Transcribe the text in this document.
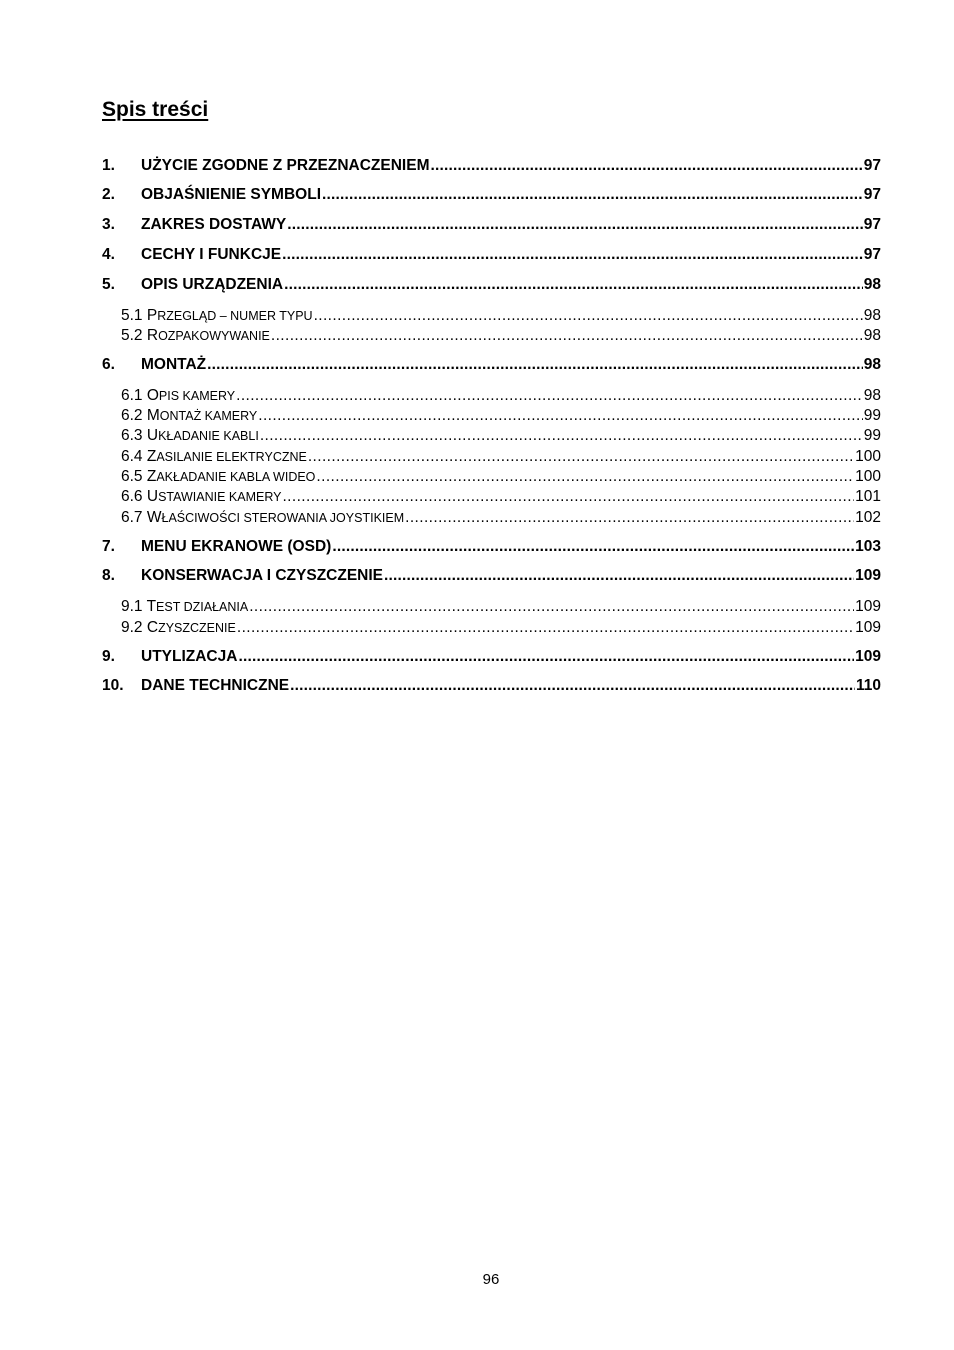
Spis treści
1.	UŻYCIE ZGODNE Z PRZEZNACZENIEM .....	97
2.	OBJAŚNIENIE SYMBOLI .....	97
3.	ZAKRES DOSTAWY .....	97
4.	CECHY I FUNKCJE .....	97
5.	OPIS URZĄDZENIA .....	98
5.1 PRZEGLĄD – NUMER TYPU .....	98
5.2 ROZPAKOWYWANIE .....	98
6.	MONTAŻ .....	98
6.1 OPIS KAMERY .....	98
6.2 MONTAŻ KAMERY .....	99
6.3 UKŁADANIE KABLI .....	99
6.4 ZASILANIE ELEKTRYCZNE .....	100
6.5 ZAKŁADANIE KABLA WIDEO .....	100
6.6 USTAWIANIE KAMERY .....	101
6.7 WŁAŚCIWOŚCI STEROWANIA JOYSTIKIEM .....	102
7.	MENU EKRANOWE (OSD) .....	103
8.	KONSERWACJA I CZYSZCZENIE .....	109
9.1 TEST DZIAŁANIA .....	109
9.2 CZYSZCZENIE .....	109
9.	UTYLIZACJA .....	109
10.	DANE TECHNICZNE .....	110
96
